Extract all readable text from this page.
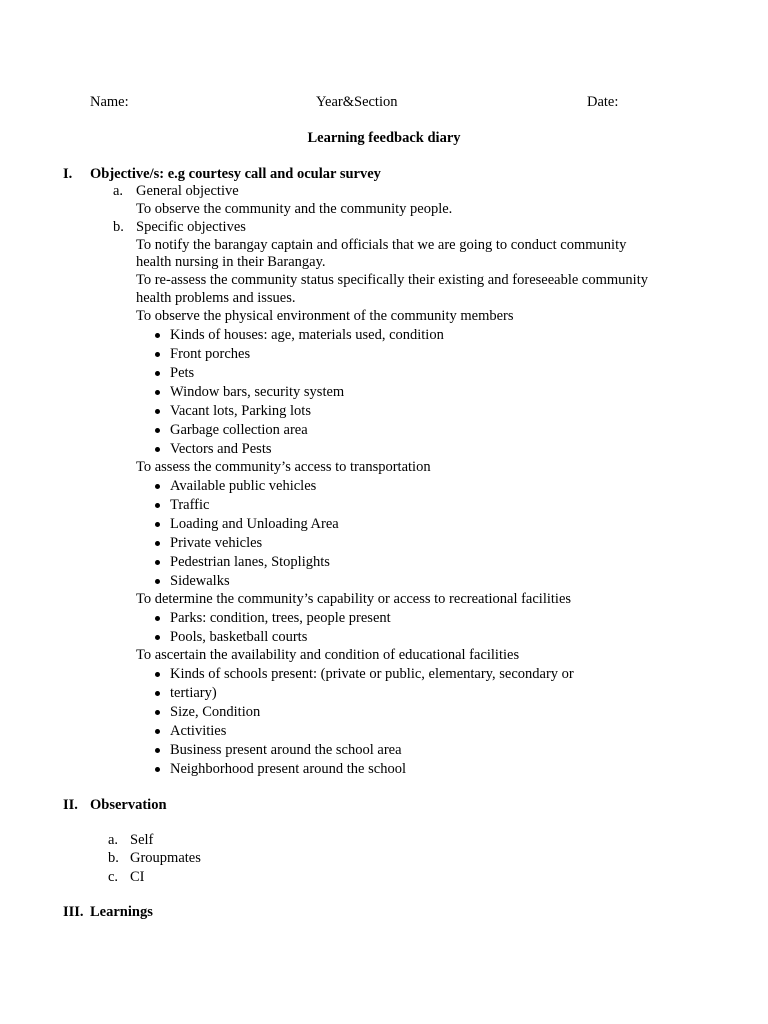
Name:	Year&Section	Date:
Learning feedback diary
I. Objective/s: e.g courtesy call and ocular survey
a. General objective
To observe the community and the community people.
b. Specific objectives
To notify the barangay captain and officials that we are going to conduct community
health nursing in their Barangay.
To re-assess the community status specifically their existing and foreseeable community
health problems and issues.
To observe the physical environment of the community members
Kinds of houses: age, materials used, condition
Front porches
Pets
Window bars, security system
Vacant lots, Parking lots
Garbage collection area
Vectors and Pests
To assess the community’s access to transportation
Available public vehicles
Traffic
Loading and Unloading Area
Private vehicles
Pedestrian lanes, Stoplights
Sidewalks
To determine the community’s capability or access to recreational facilities
Parks: condition, trees, people present
Pools, basketball courts
To ascertain the availability and condition of educational facilities
Kinds of schools present: (private or public, elementary, secondary or
tertiary)
Size, Condition
Activities
Business present around the school area
Neighborhood present around the school
II. Observation
a. Self
b. Groupmates
c. CI
III. Learnings
